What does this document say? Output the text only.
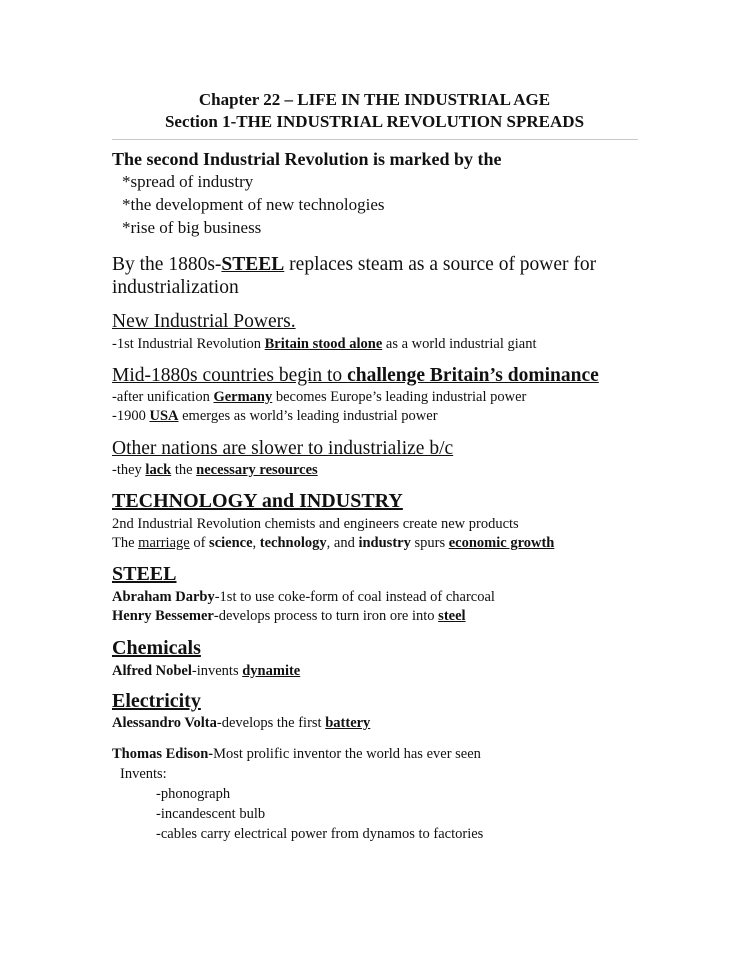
Chapter 22 – LIFE IN THE INDUSTRIAL AGE
Section 1-THE INDUSTRIAL REVOLUTION SPREADS
The second Industrial Revolution is marked by the
*spread of industry
*the development of new technologies
*rise of big business
By the 1880s-STEEL replaces steam as a source of power for
industrialization
New Industrial Powers.
-1st Industrial Revolution Britain stood alone as a world industrial giant
Mid-1880s countries begin to challenge Britain’s dominance
-after unification Germany becomes Europe’s leading industrial power
-1900 USA emerges as world’s leading industrial power
Other nations are slower to industrialize b/c
-they lack the necessary resources
TECHNOLOGY and INDUSTRY
2nd Industrial Revolution chemists and engineers create new products
The marriage of science, technology, and industry spurs economic growth
STEEL
Abraham Darby-1st to use coke-form of coal instead of charcoal
Henry Bessemer-develops process to turn iron ore into steel
Chemicals
Alfred Nobel-invents dynamite
Electricity
Alessandro Volta-develops the first battery
Thomas Edison-Most prolific inventor the world has ever seen
Invents:
-phonograph
-incandescent bulb
-cables carry electrical power from dynamos to factories
